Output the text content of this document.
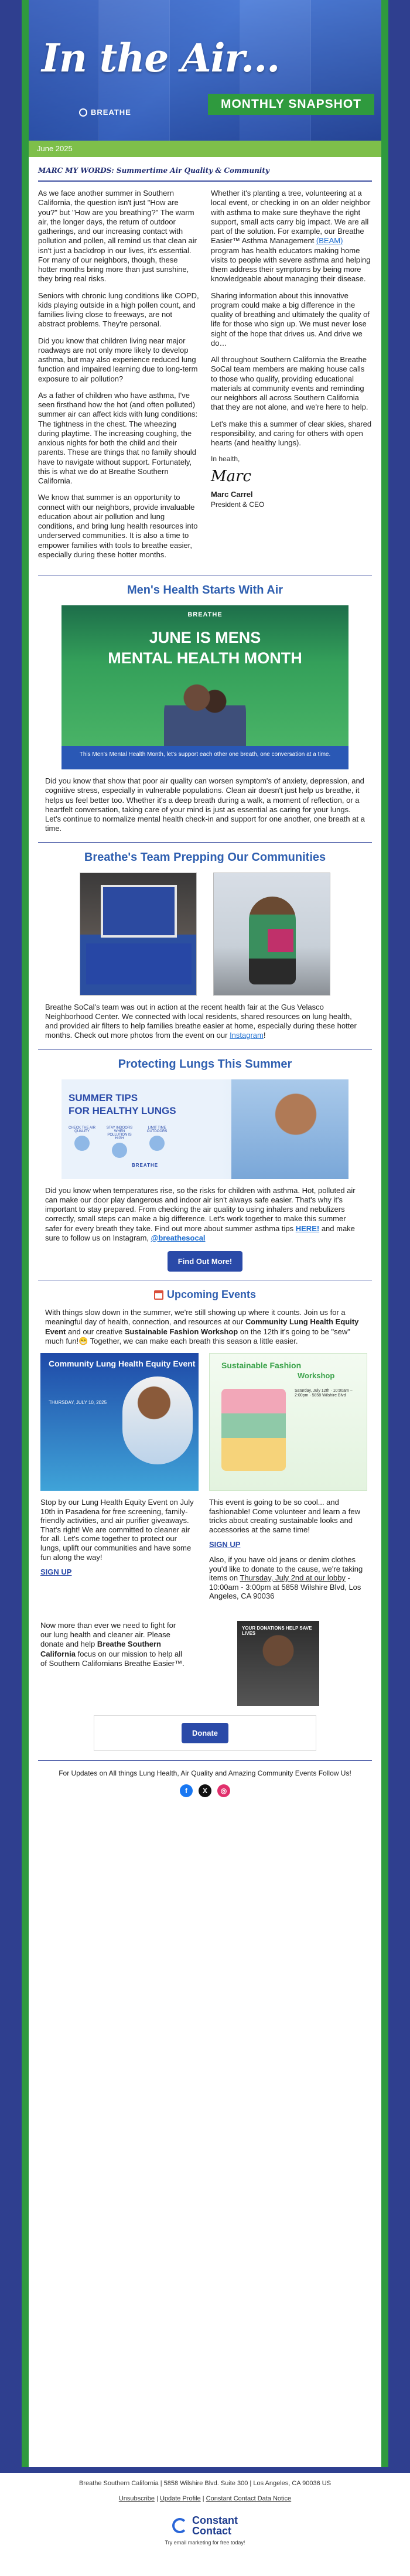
In the Air...
BREATHE
MONTHLY SNAPSHOT
June 2025
MARC MY WORDS: Summertime Air Quality & Community

As we face another summer in Southern California, the question isn't just "How are you?" but "How are you breathing?" The warm air, the longer days, the return of outdoor gatherings, and our increasing contact with pollution and pollen, all remind us that clean air isn't just a backdrop in our lives, it's essential. For many of our neighbors, though, these hotter months bring more than just sunshine, they bring real risks.

Seniors with chronic lung conditions like COPD, kids playing outside in a high pollen count, and families living close to freeways, are not abstract problems. They're personal.

Did you know that children living near major roadways are not only more likely to develop asthma, but may also experience reduced lung function and impaired learning due to long-term exposure to air pollution?

As a father of children who have asthma, I've seen firsthand how the hot (and often polluted) summer air can affect kids with lung conditions: The tightness in the chest. The wheezing during playtime. The increasing coughing, the anxious nights for both the child and their parents. These are things that no family should have to navigate without support. Fortunately, this is what we do at Breathe Southern California.

We know that summer is an opportunity to connect with our neighbors, provide invaluable education about air pollution and lung conditions, and bring lung health resources into underserved communities. It is also a time to empower families with tools to breathe easier, especially during these hotter months.

Whether it's planting a tree, volunteering at a local event, or checking in on an older neighbor with asthma to make sure theyhave the right support, small acts carry big impact. We are all part of the solution. For example, our Breathe Easier™ Asthma Management (BEAM) program has health educators making home visits to people with severe asthma and helping them address their symptoms by being more knowledgeable about managing their disease.

Sharing information about this innovative program could make a big difference in the quality of breathing and ultimately the quality of life for those who sign up. We must never lose sight of the hope that drives us. And drive we do…

All throughout Southern California the Breathe SoCal team members are making house calls to those who qualify, providing educational materials at community events and reminding our neighbors all across Southern California that they are not alone, and we're here to help.

Let's make this a summer of clear skies, shared responsibility, and caring for others with open hearts (and healthy lungs).

In health,
Marc
Marc Carrel
President & CEO
Men's Health Starts With Air
BREATHE
JUNE IS MENS
MENTAL HEALTH MONTH
This Men's Mental Health Month, let's support each other one breath, one conversation at a time.
Did you know that show that poor air quality can worsen symptom's of anxiety, depression, and cognitive stress, especially in vulnerable populations. Clean air doesn't just help us breathe, it helps us feel better too. Whether it's a deep breath during a walk, a moment of reflection, or a heartfelt conversation, taking care of your mind is just as essential as caring for your lungs. Let's continue to normalize mental health check-in and support for one another, one breath at a time.
Breathe's Team Prepping Our Communities
Breathe SoCal's team was out in action at the recent health fair at the Gus Velasco Neighborhood Center. We connected with local residents, shared resources on lung health, and provided air filters to help families breathe easier at home, especially during these hotter months. Check out more photos from the event on our Instagram!
Protecting Lungs This Summer
SUMMER TIPS
FOR HEALTHY LUNGS
CHECK THE AIR QUALITY
STAY INDOORS WHEN POLLUTION IS HIGH
LIMIT TIME OUTDOORS
BREATHE
Did you know when temperatures rise, so the risks for children with asthma. Hot, polluted air can make our door play dangerous and indoor air isn't always safe easier. That's why it's important to stay prepared. From checking the air quality to using inhalers and nebulizers correctly, small steps can make a big difference. Let's work together to make this summer safer for every breath they take. Find out more about summer asthma tips HERE! and make sure to follow us on Instagram, @breathesocal
Find Out More!
Upcoming Events
With things slow down in the summer, we're still showing up where it counts. Join us for a meaningful day of health, connection, and resources at our Community Lung Health Equity Event and our creative Sustainable Fashion Workshop on the 12th it's going to be "sew" much fun!😁 Together, we can make each breath this season a little easier.
Community Lung Health Equity Event
THURSDAY, JULY 10, 2025

Stop by our Lung Health Equity Event on July 10th in Pasadena for free screening, family-friendly activities, and air purifier giveaways. That's right! We are committed to cleaner air for all. Let's come together to protect our lungs, uplift our communities and have some fun along the way!

SIGN UP
Sustainable Fashion
Workshop
Saturday, July 12th · 10:00am – 2:00pm · 5858 Wilshire Blvd

This event is going to be so cool... and fashionable! Come volunteer and learn a few tricks about creating sustainable looks and accessories at the same time!

SIGN UP

Also, if you have old jeans or denim clothes you'd like to donate to the cause, we're taking items on Thursday, July 2nd at our lobby - 10:00am - 3:00pm at 5858 Wilshire Blvd, Los Angeles, CA 90036

Now more than ever we need to fight for our lung health and cleaner air. Please donate and help Breathe Southern California focus on our mission to help all of Southern Californians Breathe Easier™.
YOUR DONATIONS HELP SAVE LIVES
Donate
For Updates on All things Lung Health, Air Quality and Amazing Community Events Follow Us!
f	X	◎
Breathe Southern California | 5858 Wilshire Blvd. Suite 300 | Los Angeles, CA 90036 US
Unsubscribe | Update Profile | Constant Contact Data Notice
Constant
Contact
Try email marketing for free today!
